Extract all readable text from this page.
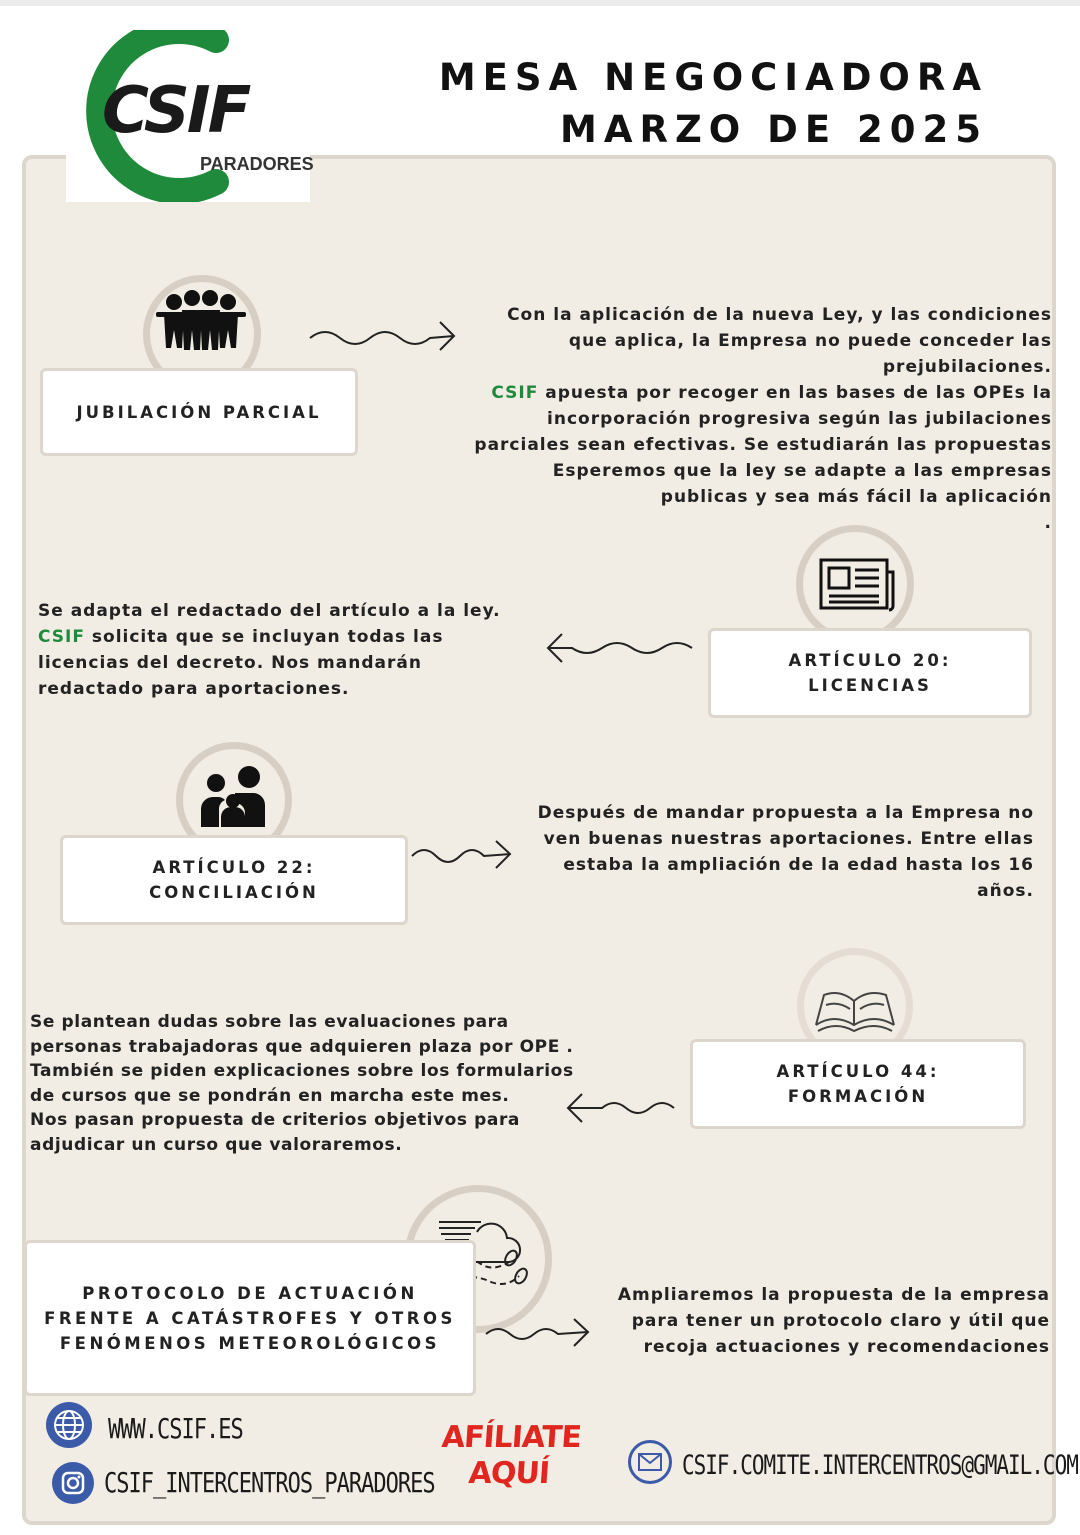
CSIF
PARADORES
MESA NEGOCIADORA
MARZO DE 2025
JUBILACIÓN PARCIAL
Con la aplicación de la nueva Ley, y las condiciones
que aplica, la Empresa no puede conceder las
prejubilaciones.
CSIF apuesta por recoger en las bases de las OPEs la
incorporación progresiva según las jubilaciones
parciales sean efectivas. Se estudiarán las propuestas
Esperemos que la ley se adapte a las empresas
publicas y sea más fácil la aplicación
.
ARTÍCULO 20:
LICENCIAS
Se adapta el redactado del artículo a la ley.
CSIF solicita que se incluyan todas las
licencias del decreto. Nos mandarán
redactado para aportaciones.
ARTÍCULO 22:
CONCILIACIÓN
Después de mandar propuesta a la Empresa no
ven buenas nuestras aportaciones. Entre ellas
estaba la ampliación de la edad hasta los 16
años.
ARTÍCULO 44:
FORMACIÓN
Se plantean dudas sobre las evaluaciones para
personas trabajadoras que adquieren plaza por OPE .
También se piden explicaciones sobre los formularios
de cursos que se pondrán en marcha este mes.
Nos pasan propuesta de criterios objetivos para
adjudicar un curso que valoraremos.
PROTOCOLO DE ACTUACIÓN
FRENTE A CATÁSTROFES Y OTROS
FENÓMENOS METEOROLÓGICOS
Ampliaremos la propuesta de la empresa
para tener un protocolo claro y útil que
recoja actuaciones y recomendaciones
WWW.CSIF.ES
CSIF_INTERCENTROS_PARADORES
AFÍLIATE
AQUÍ	CSIF.COMITE.INTERCENTROS@GMAIL.COM
